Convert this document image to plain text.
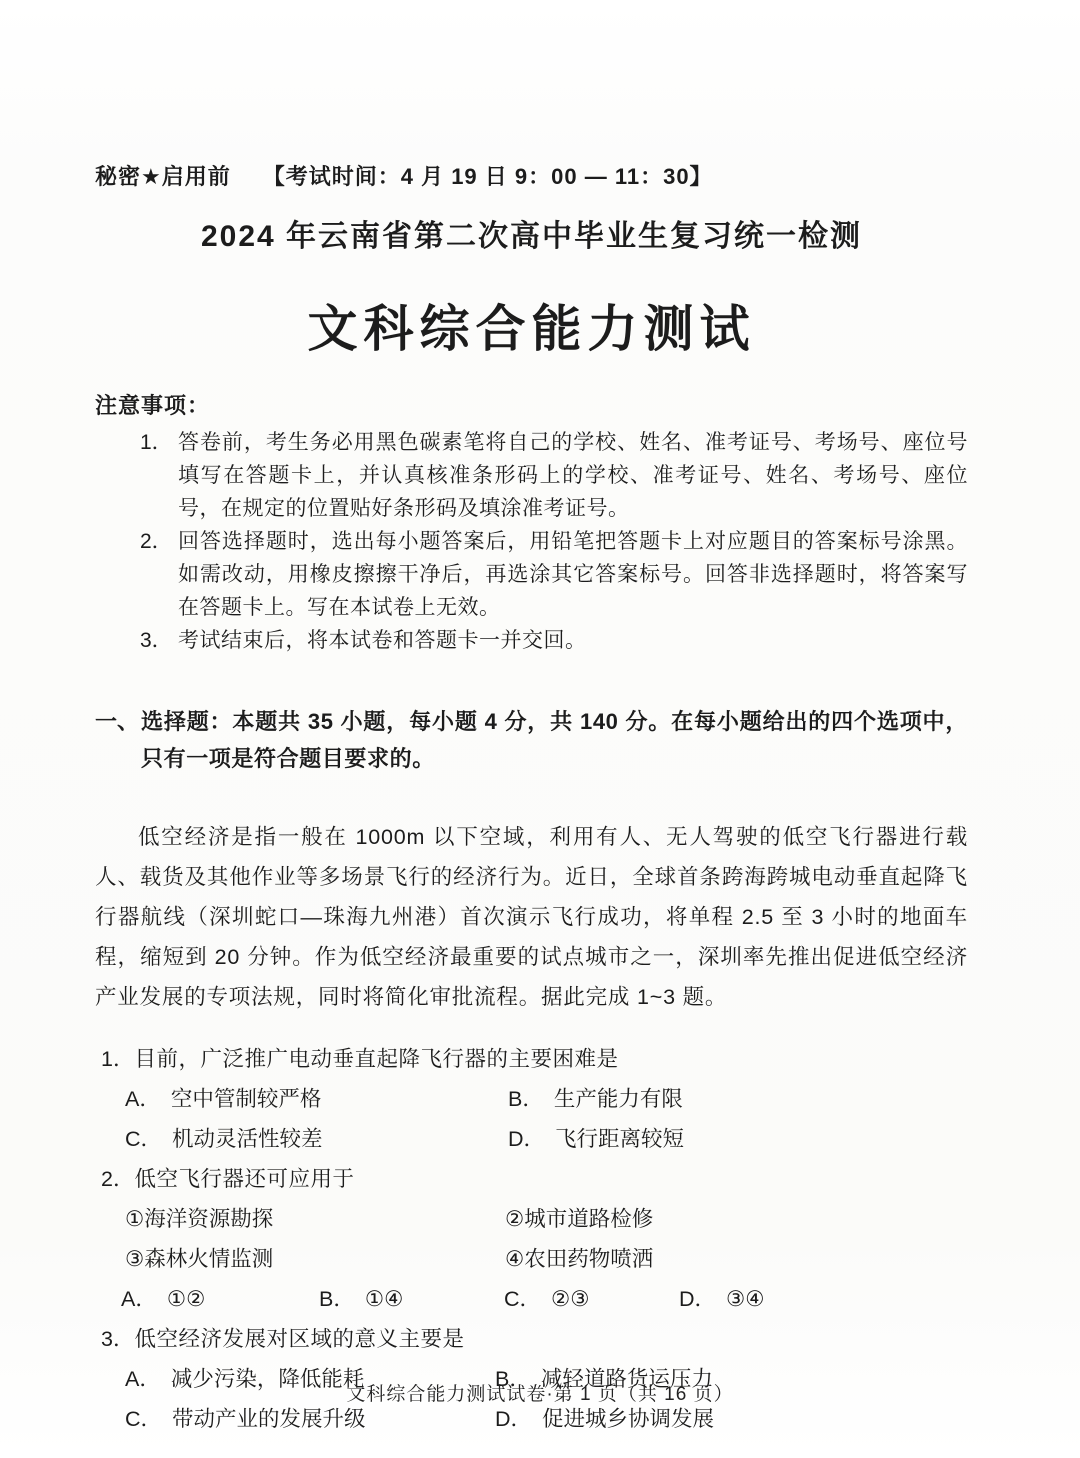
秘密★启用前 【考试时间：4 月 19 日 9：00 — 11：30】
2024 年云南省第二次高中毕业生复习统一检测
文科综合能力测试
注意事项：
1． 答卷前，考生务必用黑色碳素笔将自己的学校、姓名、准考证号、考场号、座位号填写在答题卡上，并认真核准条形码上的学校、准考证号、姓名、考场号、座位号，在规定的位置贴好条形码及填涂准考证号。
2． 回答选择题时，选出每小题答案后，用铅笔把答题卡上对应题目的答案标号涂黑。如需改动，用橡皮擦擦干净后，再选涂其它答案标号。回答非选择题时，将答案写在答题卡上。写在本试卷上无效。
3． 考试结束后，将本试卷和答题卡一并交回。
一、 选择题：本题共 35 小题，每小题 4 分，共 140 分。在每小题给出的四个选项中，只有一项是符合题目要求的。

低空经济是指一般在 1000m 以下空域，利用有人、无人驾驶的低空飞行器进行载人、载货及其他作业等多场景飞行的经济行为。近日，全球首条跨海跨城电动垂直起降飞行器航线（深圳蛇口—珠海九州港）首次演示飞行成功，将单程 2.5 至 3 小时的地面车程，缩短到 20 分钟。作为低空经济最重要的试点城市之一，深圳率先推出促进低空经济产业发展的专项法规，同时将简化审批流程。据此完成 1~3 题。

1． 目前，广泛推广电动垂直起降飞行器的主要困难是
A． 空中管制较严格	B． 生产能力有限
C． 机动灵活性较差	D． 飞行距离较短
2． 低空飞行器还可应用于
①海洋资源勘探	②城市道路检修
③森林火情监测	④农田药物喷洒
A． ①②	B． ①④	C． ②③	D． ③④
3． 低空经济发展对区域的意义主要是
A． 减少污染，降低能耗	B． 减轻道路货运压力
C． 带动产业的发展升级	D． 促进城乡协调发展
文科综合能力测试试卷·第 1 页（共 16 页）
